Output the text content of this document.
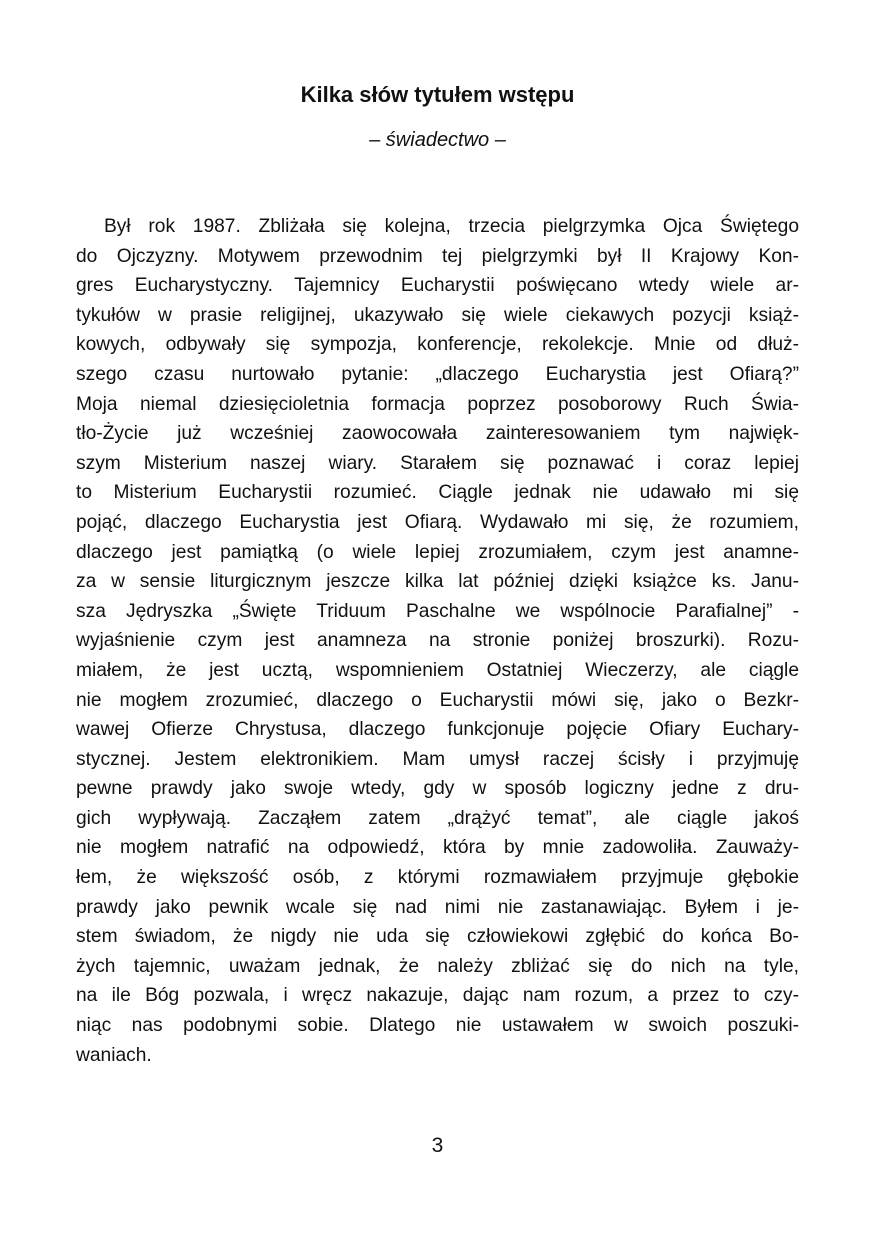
Kilka słów tytułem wstępu
– świadectwo –
Był rok 1987. Zbliżała się kolejna, trzecia pielgrzymka Ojca Świętego
do Ojczyzny. Motywem przewodnim tej pielgrzymki był II Krajowy Kon-
gres Eucharystyczny. Tajemnicy Eucharystii poświęcano wtedy wiele ar-
tykułów w prasie religijnej, ukazywało się wiele ciekawych pozycji książ-
kowych, odbywały się sympozja, konferencje, rekolekcje. Mnie od dłuż-
szego czasu nurtowało pytanie: „dlaczego Eucharystia jest Ofiarą?”
Moja niemal dziesięcioletnia formacja poprzez posoborowy Ruch Świa-
tło-Życie już wcześniej zaowocowała zainteresowaniem tym najwięk-
szym Misterium naszej wiary. Starałem się poznawać i coraz lepiej
to Misterium Eucharystii rozumieć. Ciągle jednak nie udawało mi się
pojąć, dlaczego Eucharystia jest Ofiarą. Wydawało mi się, że rozumiem,
dlaczego jest pamiątką (o wiele lepiej zrozumiałem, czym jest anamne-
za w sensie liturgicznym jeszcze kilka lat później dzięki książce ks. Janu-
sza Jędryszka „Święte Triduum Paschalne we wspólnocie Parafialnej” -
wyjaśnienie czym jest anamneza na stronie poniżej broszurki). Rozu-
miałem, że jest ucztą, wspomnieniem Ostatniej Wieczerzy, ale ciągle
nie mogłem zrozumieć, dlaczego o Eucharystii mówi się, jako o Bezkr-
wawej Ofierze Chrystusa, dlaczego funkcjonuje pojęcie Ofiary Euchary-
stycznej. Jestem elektronikiem. Mam umysł raczej ścisły i przyjmuję
pewne prawdy jako swoje wtedy, gdy w sposób logiczny jedne z dru-
gich wypływają. Zacząłem zatem „drążyć temat”, ale ciągle jakoś
nie mogłem natrafić na odpowiedź, która by mnie zadowoliła. Zauważy-
łem, że większość osób, z którymi rozmawiałem przyjmuje głębokie
prawdy jako pewnik wcale się nad nimi nie zastanawiając. Byłem i je-
stem świadom, że nigdy nie uda się człowiekowi zgłębić do końca Bo-
żych tajemnic, uważam jednak, że należy zbliżać się do nich na tyle,
na ile Bóg pozwala, i wręcz nakazuje, dając nam rozum, a przez to czy-
niąc nas podobnymi sobie. Dlatego nie ustawałem w swoich poszuki-
waniach.
3
